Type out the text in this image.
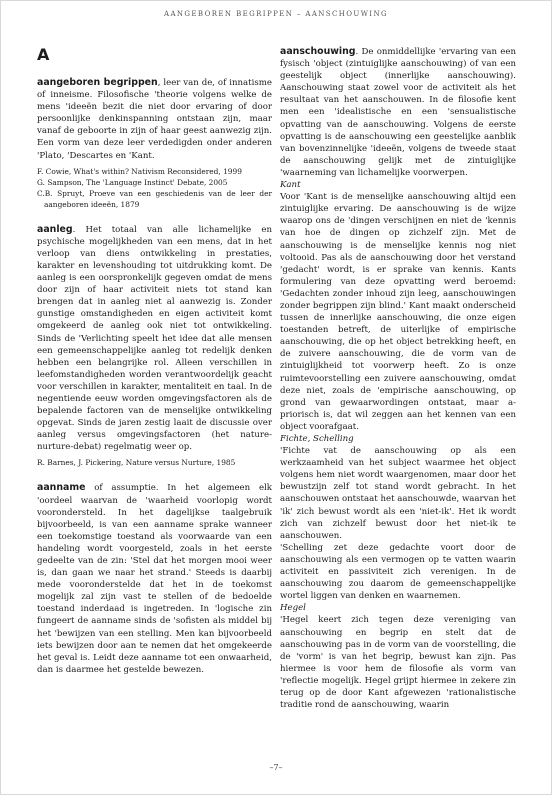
AANGEBOREN BEGRIPPEN – AANSCHOUWING
A

aangeboren begrippen, leer van de, of innatisme of inneisme. Filosofische 'theorie volgens welke de mens 'ideeën bezit die niet door ervaring of door persoonlijke denkinspanning ontstaan zijn, maar vanaf de geboorte in zijn of haar geest aanwezig zijn. Een vorm van deze leer verdedigden onder anderen 'Plato, 'Descartes en 'Kant.

F. Cowie, What's within? Nativism Reconsidered, 1999
G. Sampson, The 'Language Instinct' Debate, 2005
C.B. Spruyt, Proeve van een geschiedenis van de leer der aangeboren ideeën, 1879

aanleg. Het totaal van alle lichamelijke en psychische mogelijkheden van een mens, dat in het verloop van diens ontwikkeling in prestaties, karakter en levenshouding tot uitdrukking komt. De aanleg is een oorspronkelijk gegeven omdat de mens door zijn of haar activiteit niets tot stand kan brengen dat in aanleg niet al aanwezig is. Zonder gunstige omstandigheden en eigen activiteit komt omgekeerd de aanleg ook niet tot ontwikkeling. Sinds de 'Verlichting speelt het idee dat alle mensen een gemeenschappelijke aanleg tot redelijk denken hebben een belangrijke rol. Alleen verschillen in leefomstandigheden worden verantwoordelijk geacht voor verschillen in karakter, mentaliteit en taal. In de negentiende eeuw worden omgevingsfactoren als de bepalende factoren van de menselijke ontwikkeling opgevat. Sinds de jaren zestig laait de discussie over aanleg versus omgevingsfactoren (het nature-nurture-debat) regelmatig weer op.

R. Barnes, J. Pickering, Nature versus Nurture, 1985

aanname of assumptie. In het algemeen elk 'oordeel waarvan de 'waarheid voorlopig wordt voorondersteld. In het dagelijkse taalgebruik bijvoorbeeld, is van een aanname sprake wanneer een toekomstige toestand als voorwaarde van een handeling wordt voorgesteld, zoals in het eerste gedeelte van de zin: 'Stel dat het morgen mooi weer is, dan gaan we naar het strand.' Steeds is daarbij mede vooronderstelde dat het in de toekomst mogelijk zal zijn vast te stellen of de bedoelde toestand inderdaad is ingetreden. In 'logische zin fungeert de aanname sinds de 'sofisten als middel bij het 'bewijzen van een stelling. Men kan bijvoorbeeld iets bewijzen door aan te nemen dat het omgekeerde het geval is. Leidt deze aanname tot een onwaarheid, dan is daarmee het gestelde bewezen.

aanschouwing. De onmiddellijke 'ervaring van een fysisch 'object (zintuiglijke aanschouwing) of van een geestelijk object (innerlijke aanschouwing). Aanschouwing staat zowel voor de activiteit als het resultaat van het aanschouwen. In de filosofie kent men een 'idealistische en een 'sensualistische opvatting van de aanschouwing. Volgens de eerste opvatting is de aanschouwing een geestelijke aanblik van bovenzinnelijke 'ideeën, volgens de tweede staat de aanschouwing gelijk met de zintuiglijke 'waarneming van lichamelijke voorwerpen.

Kant

Voor 'Kant is de menselijke aanschouwing altijd een zintuiglijke ervaring. De aanschouwing is de wijze waarop ons de 'dingen verschijnen en niet de 'kennis van hoe de dingen op zichzelf zijn. Met de aanschouwing is de menselijke kennis nog niet voltooid. Pas als de aanschouwing door het verstand 'gedacht' wordt, is er sprake van kennis. Kants formulering van deze opvatting werd beroemd: 'Gedachten zonder inhoud zijn leeg, aanschouwingen zonder begrippen zijn blind.' Kant maakt onderscheid tussen de innerlijke aanschouwing, die onze eigen toestanden betreft, de uiterlijke of empirische aanschouwing, die op het object betrekking heeft, en de zuivere aanschouwing, die de vorm van de zintuiglijkheid tot voorwerp heeft. Zo is onze ruimtevoorstelling een zuivere aanschouwing, omdat deze niet, zoals de 'empirische aanschouwing, op grond van gewaarwordingen ontstaat, maar a-priorisch is, dat wil zeggen aan het kennen van een object voorafgaat.

Fichte, Schelling

'Fichte vat de aanschouwing op als een werkzaamheid van het subject waarmee het object volgens hem niet wordt waargenomen, maar door het bewustzijn zelf tot stand wordt gebracht. In het aanschouwen ontstaat het aanschouwde, waarvan het 'ik' zich bewust wordt als een 'niet-ik'. Het ik wordt zich van zichzelf bewust door het niet-ik te aanschouwen.

'Schelling zet deze gedachte voort door de aanschouwing als een vermogen op te vatten waarin activiteit en passiviteit zich verenigen. In de aanschouwing zou daarom de gemeenschappelijke wortel liggen van denken en waarnemen.

Hegel

'Hegel keert zich tegen deze vereniging van aanschouwing en begrip en stelt dat de aanschouwing pas in de vorm van de voorstelling, die de 'vorm' is van het begrip, bewust kan zijn. Pas hiermee is voor hem de filosofie als vorm van 'reflectie mogelijk. Hegel grijpt hiermee in zekere zin terug op de door Kant afgewezen 'rationalistische traditie rond de aanschouwing, waarin

–7–
